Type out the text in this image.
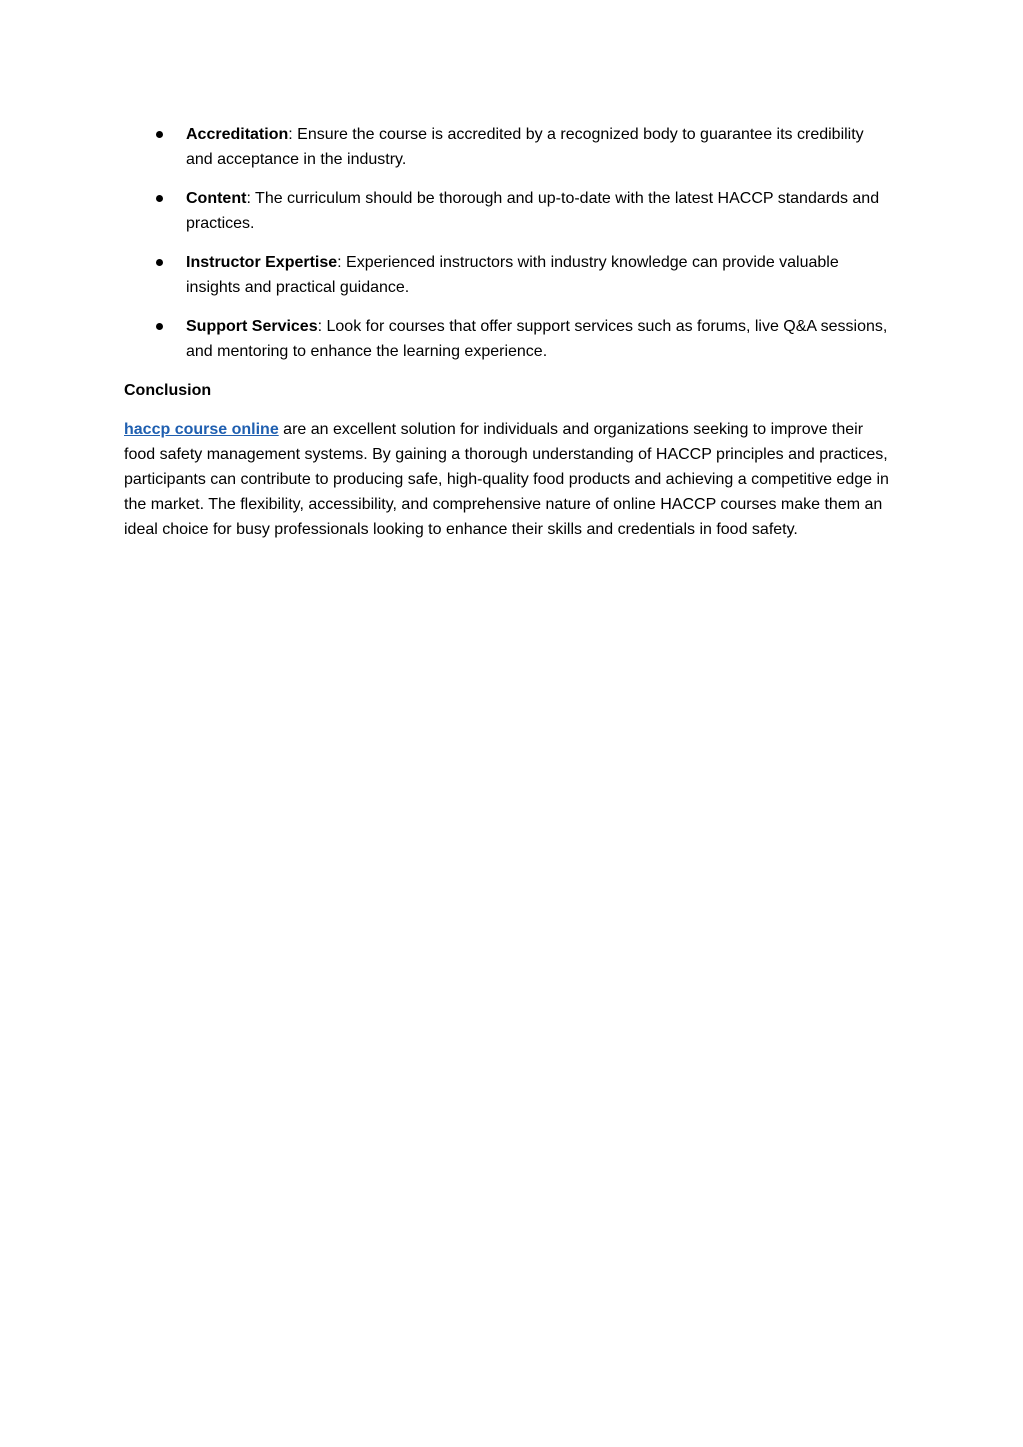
Accreditation: Ensure the course is accredited by a recognized body to guarantee its credibility and acceptance in the industry.
Content: The curriculum should be thorough and up-to-date with the latest HACCP standards and practices.
Instructor Expertise: Experienced instructors with industry knowledge can provide valuable insights and practical guidance.
Support Services: Look for courses that offer support services such as forums, live Q&A sessions, and mentoring to enhance the learning experience.

Conclusion

haccp course online are an excellent solution for individuals and organizations seeking to improve their food safety management systems. By gaining a thorough understanding of HACCP principles and practices, participants can contribute to producing safe, high-quality food products and achieving a competitive edge in the market. The flexibility, accessibility, and comprehensive nature of online HACCP courses make them an ideal choice for busy professionals looking to enhance their skills and credentials in food safety.
